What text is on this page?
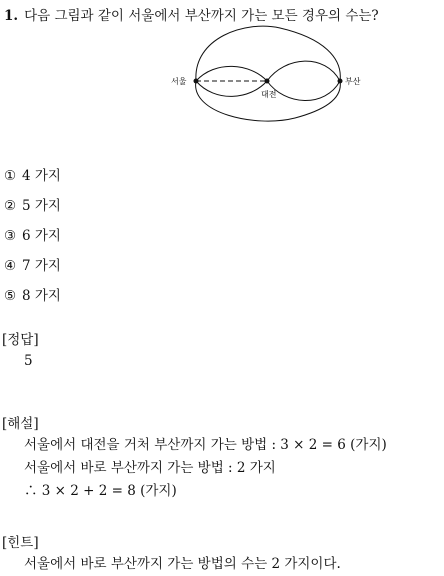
1. 다음 그림과 같이 서울에서 부산까지 가는 모든 경우의 수는?
서울
대전
부산
① 4 가지
② 5 가지
③ 6 가지
④ 7 가지
⑤ 8 가지
[정답]
5
[해설]
서울에서 대전을 거처 부산까지 가는 방법 : 3 × 2 = 6 (가지)
서울에서 바로 부산까지 가는 방법 : 2 가지
∴ 3 × 2 + 2 = 8 (가지)
[힌트]
서울에서 바로 부산까지 가는 방법의 수는 2 가지이다.
